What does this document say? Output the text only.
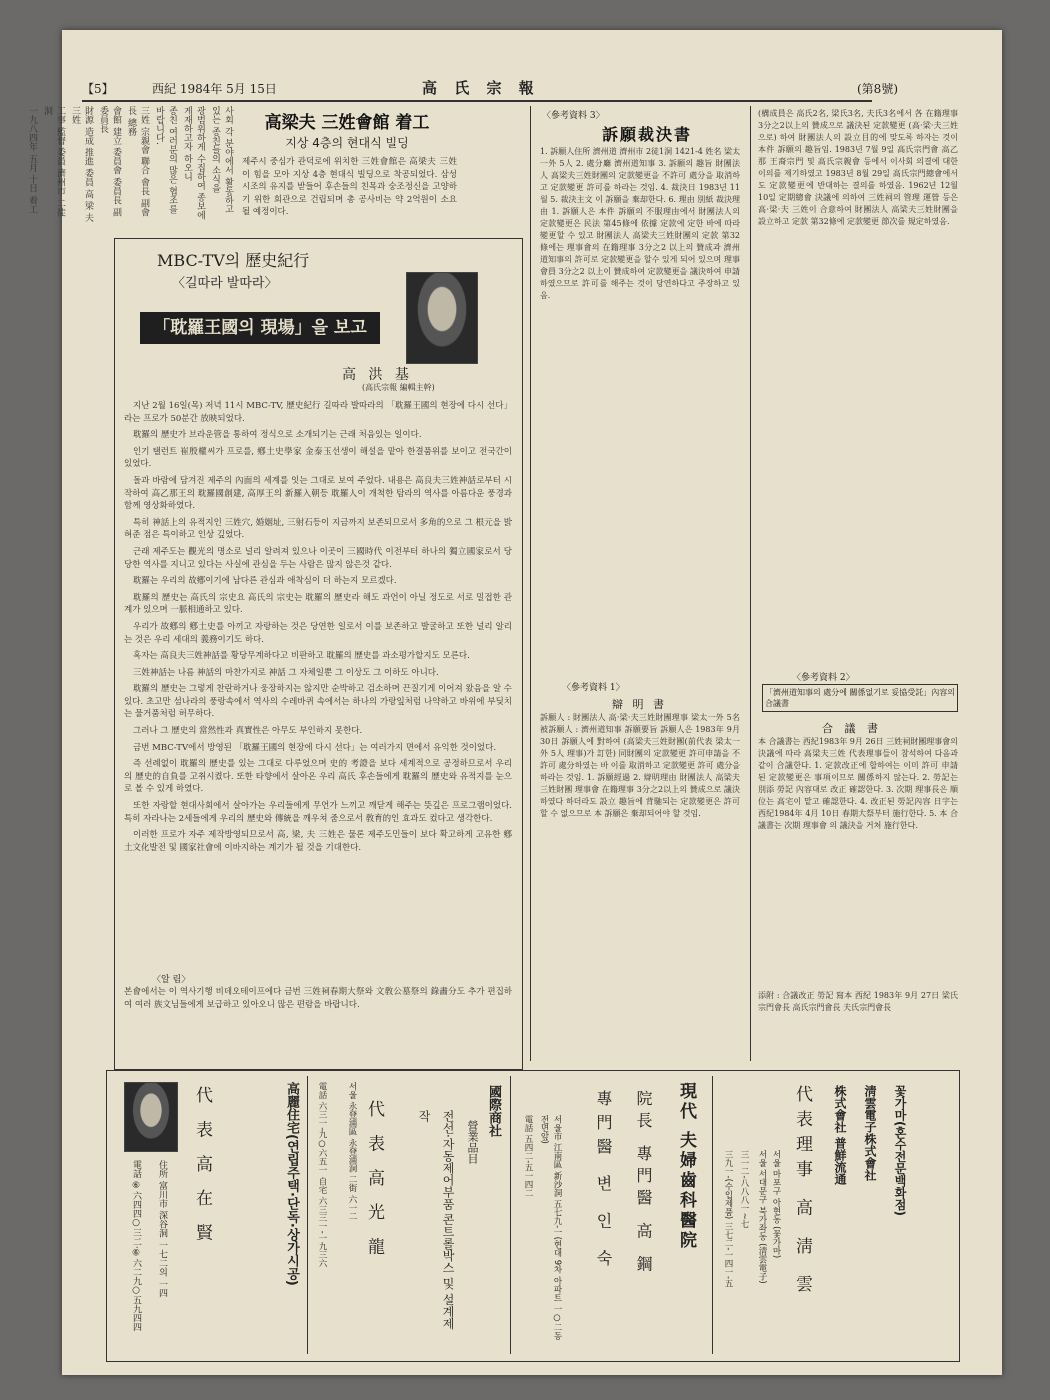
【5】	西紀 1984年 5月 15日	高 氏 宗 報	(第8號)
사회 각 분야에서 활동하고 있는 종친들의 소식을
광범위하게 수집하여 종보에 게재하고자 하오니
종친 여러분의 많은 협조를 바랍니다.
三姓 宗親會 聯合 會長 副會長 總務
會館 建立 委員會 委員長 副委員長
財源 造成 推進 委員 高 梁 夫 三姓
工事 監督 委員 濟州市 二徒洞
一九八四年 五月 十日 着工	高梁夫 三姓會館 着工
지상 4층의 현대식 빌딩
제주시 중심가 관덕로에 위치한 三姓會館은 高梁夫 三姓이 힘을 모아 지상 4층 현대식 빌딩으로 착공되었다. 삼성시조의 유지를 받들어 후손들의 친목과 숭조정신을 고양하기 위한 회관으로 건립되며 총 공사비는 약 2억원이 소요될 예정이다.
MBC-TV의 歷史紀行
〈길따라 발따라〉
「耽羅王國의 現場」을 보고
高 洪 基
(高氏宗報 編輯主幹)

지난 2월 16일(목) 저녁 11시 MBC-TV, 歷史紀行 길따라 발따라의 「耽羅王國의 현장에 다시 선다」라는 프로가 50분간 放映되었다.

耽羅의 歷史가 브라운管을 통하여 정식으로 소개되기는 근래 처음있는 일이다.

인기 탤런트 崔殷權씨가 프로를, 鄕土史學家 金泰玉선생이 해설을 맡아 한결품위를 보이고 전국간이 있었다.

돌과 바람에 담겨진 제주의 內面의 세계를 잇는 그대로 보여 주었다. 내용은 高良夫三姓神話로부터 시작하여 高乙那王의 耽羅國創建, 高厚王의 新羅入朝등 耽羅人이 개척한 탐라의 역사를 아름다운 풍경과 함께 영상화하였다.

특히 神話上의 유적지인 三姓穴, 婚姻址, 三射石등이 지금까지 보존되므로서 多角的으로 그 根元을 밝혀준 점은 특이하고 인상 깊었다.

근래 제주도는 觀光의 명소로 널리 알려져 있으나 이곳이 三國時代 이전부터 하나의 獨立國家로서 당당한 역사를 지니고 있다는 사실에 관심을 두는 사람은 많지 않은것 같다.

耽羅는 우리의 故鄕이기에 남다른 관심과 애착심이 더 하는지 모르겠다.

耽羅의 歷史는 高氏의 宗史요 高氏의 宗史는 耽羅의 歷史라 해도 과언이 아닐 정도로 서로 밀접한 관계가 있으며 一脈相通하고 있다.

우리가 故鄕의 鄕土史를 아끼고 자랑하는 것은 당연한 일로서 이를 보존하고 발굴하고 또한 널리 알리는 것은 우리 세대의 義務이기도 하다.

혹자는 高良夫三姓神話를 황당무계하다고 비판하고 耽羅의 歷史를 과소평가할지도 모른다.

三姓神話는 나름 神話의 마찬가지로 神話 그 자체일뿐 그 이상도 그 이하도 아니다.

耽羅의 歷史는 그렇게 찬란하거나 웅장하지는 않지만 순박하고 검소하며 끈질기게 이어져 왔음을 알 수 있다. 초고만 섬나라의 풍랑속에서 역사의 수레바퀴 속에서는 하나의 가랑잎처럼 나약하고 바위에 부딪치는 물거품처럼 허무하다.

그러나 그 歷史의 當然性과 真實性은 아무도 부인하지 못한다.

금번 MBC-TV에서 방영된 「耽羅王國의 현장에 다시 선다」는 여러가지 면에서 유익한 것이었다.

즉 선례없이 耽羅의 歷史를 있는 그대로 다루었으며 史的 考證을 보다 세계적으로 공정하므로서 우리의 歷史的自負를 고취시켰다. 또한 타향에서 살아온 우리 高氏 후손들에게 耽羅의 歷史와 유적지를 눈으로 볼 수 있게 하였다.

또한 자랑할 현대사회에서 살아가는 우리들에게 무언가 느끼고 깨닫게 해주는 뜻깊은 프로그램이었다. 특히 자라나는 2세들에게 우리의 歷史와 傳統을 깨우쳐 줌으로서 敎育的인 효과도 컸다고 생각한다.

이러한 프로가 자주 제작방영되므로서 高, 梁, 夫 三姓은 물론 제주도민들이 보다 확고하게 고유한 鄕土文化발전 및 國家社會에 이바지하는 계기가 될 것을 기대한다.

〈알 림〉
본會에서는 이 역사기행 비데오테이프에다 금번 三姓祠春期大祭와 文敎公墓祭의 錄畵分도 추가 편집하여 여러 族文님들에게 보급하고 있아오니 많은 편람을 바랍니다.
〈參考資料 3〉
訴願裁決書
1. 訴願人住所 濟州道 濟州市 2徒1洞 1421-4 姓名 梁太一外 5人 2. 處分廳 濟州道知事 3. 訴願의 趣旨 財團法人 高梁夫三姓財團의 定款變更을 不許可 處分을 取消하고 定款變更 許可를 하라는 것임. 4. 裁決日 1983년 11월 5. 裁決主文 이 訴願을 棄却한다. 6. 理由 別紙 裁決理由 1. 訴願人은 本件 訴願의 不服理由에서 財團法人의 定款變更은 民法 第45條에 依據 定款에 定한 바에 따라 變更할 수 있고 財團法人 高梁夫三姓財團의 定款 第32條에는 理事會의 在籍理事 3分之2 以上의 贊成과 濟州道知事의 許可로 定款變更을 할수 있게 되어 있으며 理事會員 3分之2 以上이 贊成하여 定款變更을 議決하여 申請하였으므로 許可를 해주는 것이 당연하다고 주장하고 있음.
〈參考資料 1〉
辯 明 書
訴願人 : 財團法人 高·梁·夫三姓財團理事 梁太一外 5名 被訴願人 : 濟州道知事 訴願要旨 訴願人은 1983年 9月 30日 訴願人에 對하여 (高梁夫三姓財團(前代表 梁太一外 5人 理事)가 訂한) 同財團의 定款變更 許可申請을 不許可 處分하였는 바 이를 取消하고 定款變更 許可 處分을 하라는 것임. 1. 訴願經過 2. 辯明理由 財團法人 高梁夫三姓財團 理事會 在籍理事 3分之2以上의 贊成으로 議決하였다 하더라도 設立 趣旨에 背馳되는 定款變更은 許可할 수 없으므로 本 訴願은 棄却되어야 할 것임.
(構成員은 高氏2名, 梁氏3名, 夫氏3名에서 各 在籍理事 3分之2以上의 贊成으로 議決된 定款變更 (高·梁·夫三姓으로) 하여 財團法人의 設立目的에 맞도록 하자는 것이 本件 訴願의 趣旨임. 1983년 7월 9일 高氏宗門會 高乙那 王裔宗門 및 高氏宗親會 등에서 이사회 의결에 대한 이의를 제기하였고 1983년 8월 29일 高氏宗門總會에서도 定款變更에 반대하는 결의를 하였음. 1962년 12월 10일 定期總會 決議에 의하여 三姓祠의 管理 運營 등은 高·梁·夫 三姓이 合意하여 財團法人 高梁夫三姓財團을 設立하고 定款 第32條에 定款變更 節次를 規定하였음.
〈參考資料 2〉
「濟州道知事의 處分에 關係없기로 妥協受託」內容의 合議書
合 議 書
本 合議書는 西紀1983年 9月 26日 三姓祠財團理事會의 決議에 따라 高梁夫三姓 代表理事들이 참석하여 다음과 같이 合議한다. 1. 定款改正에 합하여는 이미 許可 申請된 定款變更은 事項이므로 關係하지 않는다. 2. 勞記는 別添 勞記 內容대로 改正 確認한다. 3. 次期 理事長은 順位는 高宅이 맡고 確認한다. 4. 改正된 勞記內容 日字는 西紀1984年 4月 10日 春期大祭부터 施行한다. 5. 本 合議書는 次期 理事會 의 議決을 거쳐 施行한다.
添附 : 合議改正 勞記 寫本 西紀 1983年 9月 27日 梁氏宗門會長 高氏宗門會長 夫氏宗門會長
代 表 高 在 賢	高麗住宅(연립주택·단독·상가시공)
住所 富川市 深谷洞 一七二의 一四
電話 ⑥六四四○三二·⑥六二九○五九四四	電話 六三一-九○六五一 自宅 六三三一-一九三六 서울 永登浦區 永登浦洞 二街 六一二 代 表 高 光 龍	전선·자동제어부품 콘트롤박스 및 설계제작
營業品目
國際商社
電話 五四二-五一四二	서울市 江南區 新沙洞 五七九-一(현대 9차 아파트 一○二동 전면앞)	專門醫 변 인 숙 院長 專門醫 高 鋼 現代 夫婦齒科醫院	三九一-(수입제품) 三七二-一四一-五 三一二-八八八一~七 서울 서대문구 북가좌동 (淸雲電子) 서울 마포구 아현동 (꽃가마) 代表理事 高 淸 雲 株式會社 普鮮流通 淸雲電子株式會社 꽃가마(혼수전문백화점)
